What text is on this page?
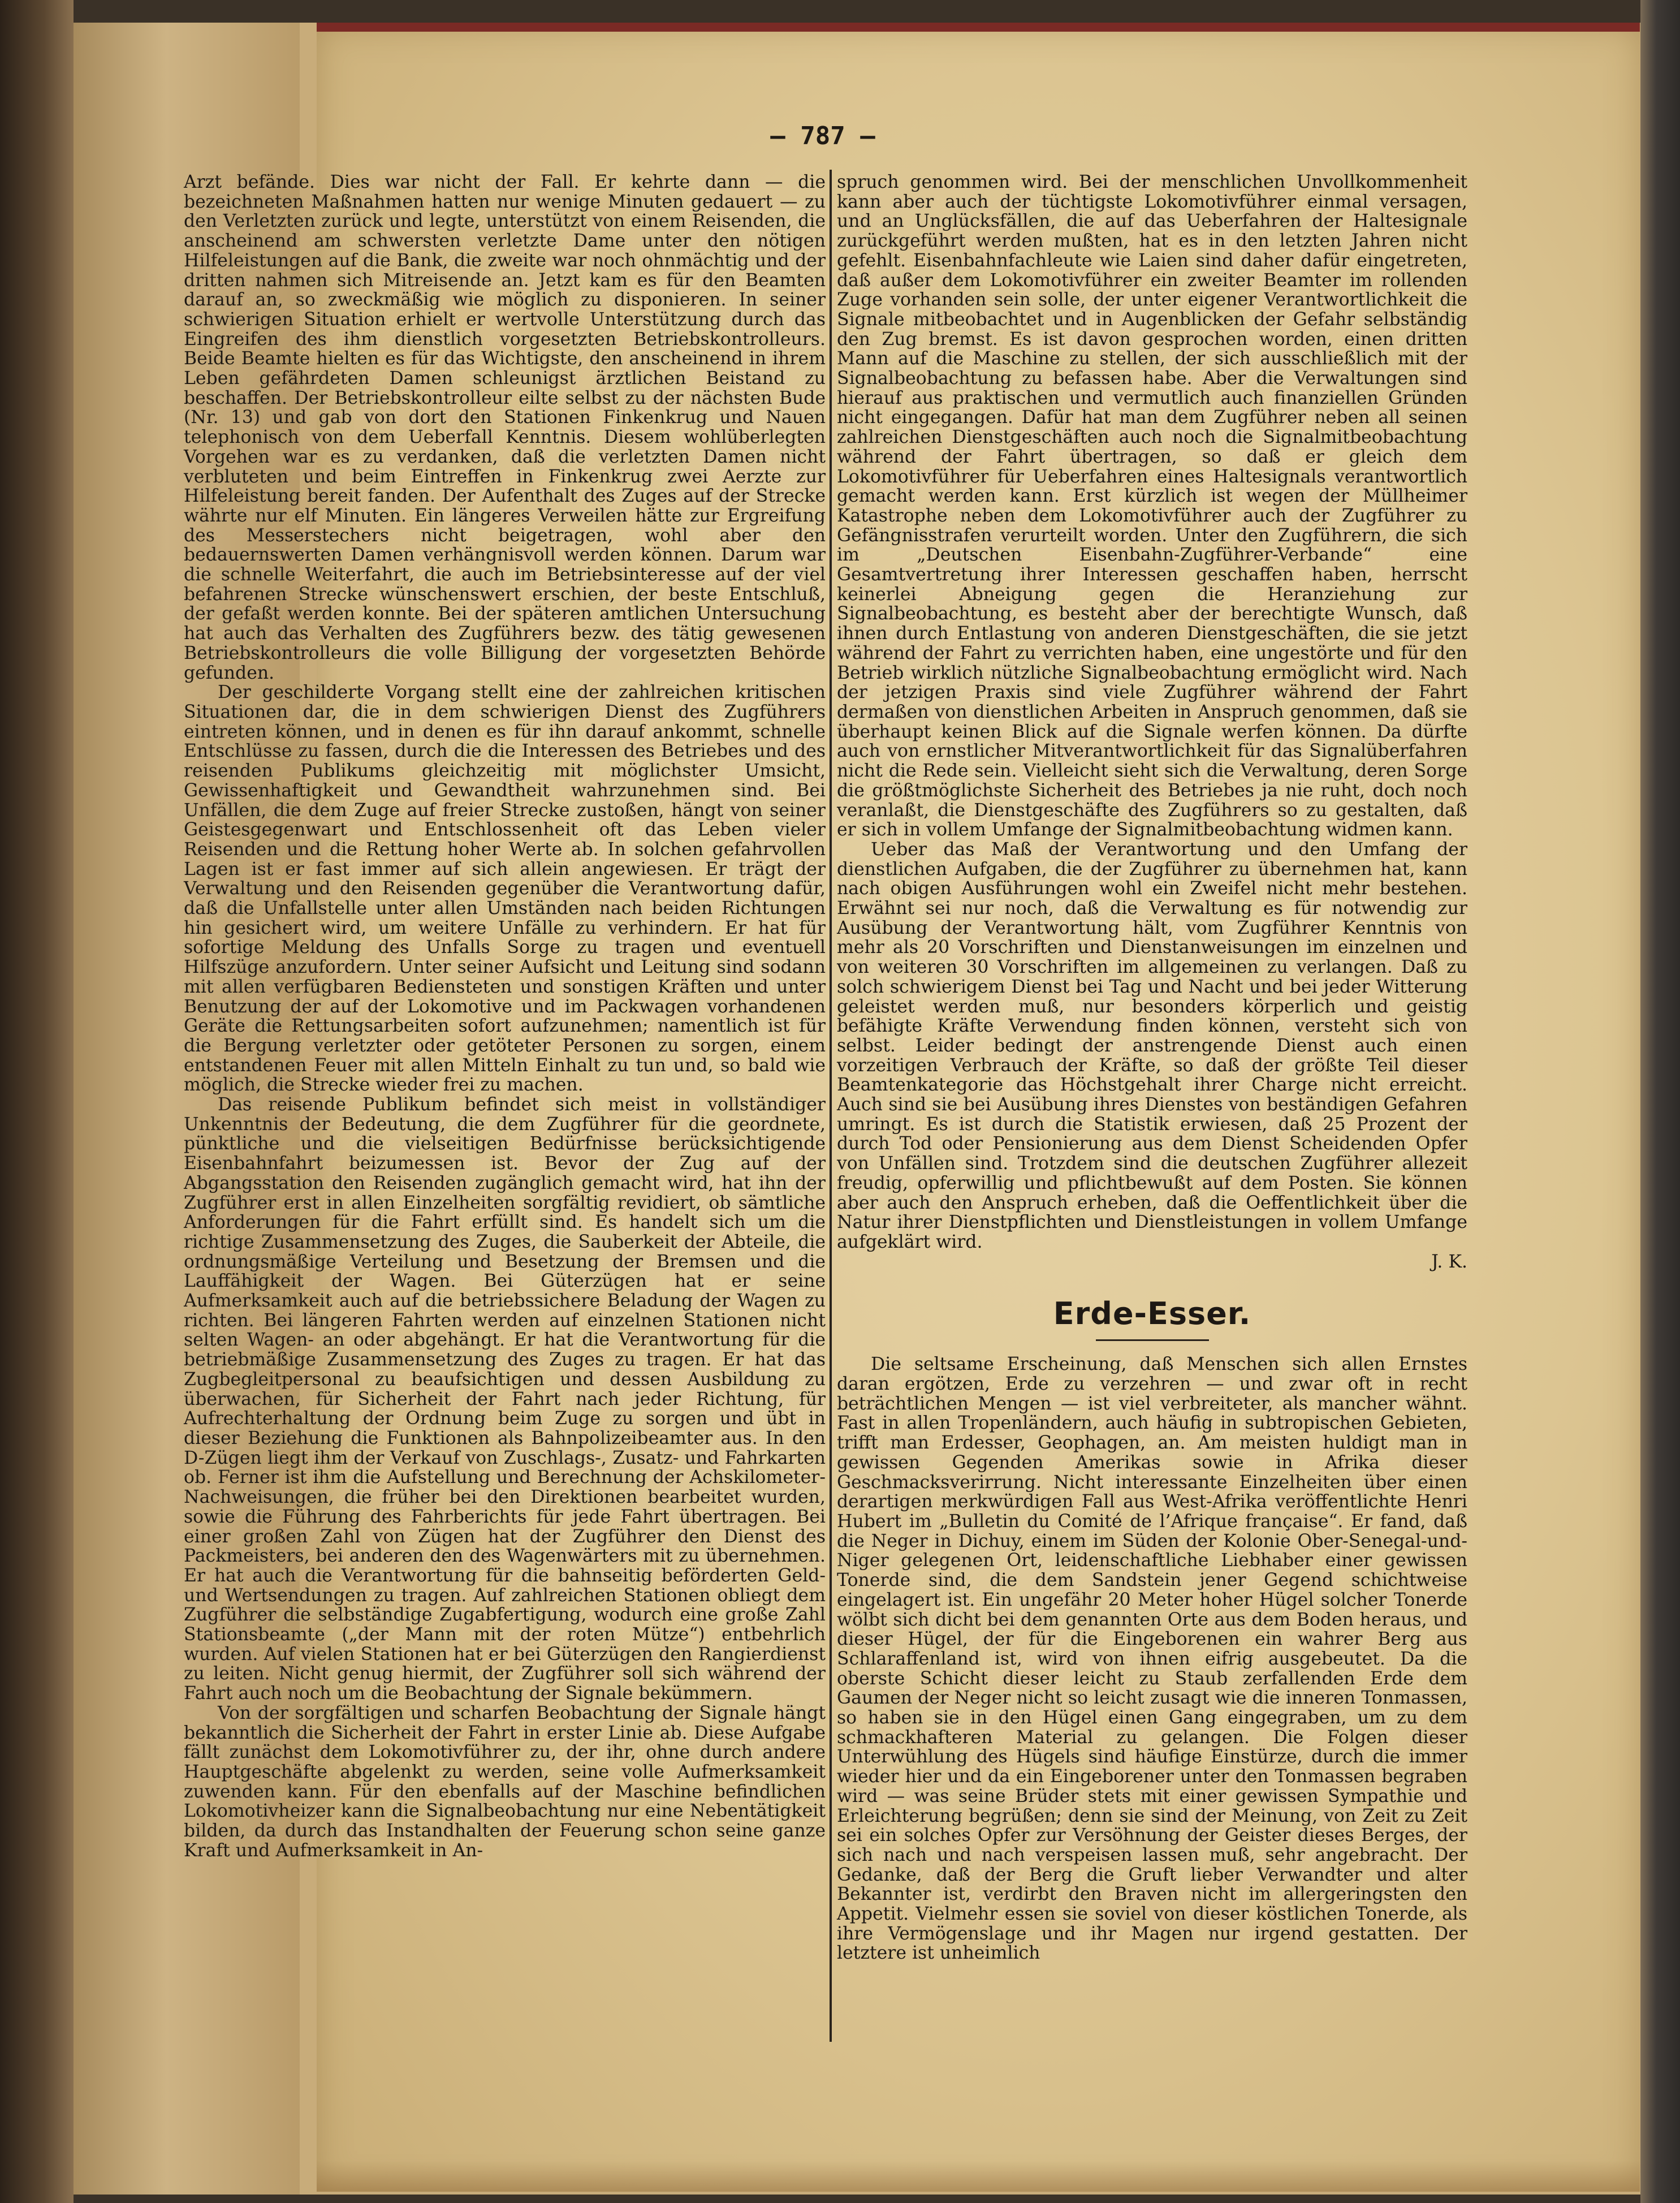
— 787 —

Arzt befände. Dies war nicht der Fall. Er kehrte dann — die bezeichneten Maßnahmen hatten nur wenige Minuten gedauert — zu den Verletzten zurück und legte, unterstützt von einem Reisenden, die anscheinend am schwersten verletzte Dame unter den nötigen Hilfeleistungen auf die Bank, die zweite war noch ohnmächtig und der dritten nahmen sich Mitreisende an. Jetzt kam es für den Beamten darauf an, so zweckmäßig wie möglich zu disponieren. In seiner schwierigen Situation erhielt er wertvolle Unterstützung durch das Eingreifen des ihm dienstlich vorgesetzten Betriebskontrolleurs. Beide Beamte hielten es für das Wichtigste, den anscheinend in ihrem Leben gefährdeten Damen schleunigst ärztlichen Beistand zu beschaffen. Der Betriebskontrolleur eilte selbst zu der nächsten Bude (Nr. 13) und gab von dort den Stationen Finkenkrug und Nauen telephonisch von dem Ueberfall Kenntnis. Diesem wohlüberlegten Vorgehen war es zu verdanken, daß die verletzten Damen nicht verbluteten und beim Eintreffen in Finkenkrug zwei Aerzte zur Hilfeleistung bereit fanden. Der Aufenthalt des Zuges auf der Strecke währte nur elf Minuten. Ein längeres Verweilen hätte zur Ergreifung des Messerstechers nicht beigetragen, wohl aber den bedauernswerten Damen verhängnisvoll werden können. Darum war die schnelle Weiterfahrt, die auch im Betriebsinteresse auf der viel befahrenen Strecke wünschenswert erschien, der beste Entschluß, der gefaßt werden konnte. Bei der späteren amtlichen Untersuchung hat auch das Verhalten des Zugführers bezw. des tätig gewesenen Betriebskontrolleurs die volle Billigung der vorgesetzten Behörde gefunden.

Der geschilderte Vorgang stellt eine der zahlreichen kritischen Situationen dar, die in dem schwierigen Dienst des Zugführers eintreten können, und in denen es für ihn darauf ankommt, schnelle Entschlüsse zu fassen, durch die die Interessen des Betriebes und des reisenden Publikums gleichzeitig mit möglichster Umsicht, Gewissenhaftigkeit und Gewandtheit wahrzunehmen sind. Bei Unfällen, die dem Zuge auf freier Strecke zustoßen, hängt von seiner Geistesgegenwart und Entschlossenheit oft das Leben vieler Reisenden und die Rettung hoher Werte ab. In solchen gefahrvollen Lagen ist er fast immer auf sich allein angewiesen. Er trägt der Verwaltung und den Reisenden gegenüber die Verantwortung dafür, daß die Unfallstelle unter allen Umständen nach beiden Richtungen hin gesichert wird, um weitere Unfälle zu verhindern. Er hat für sofortige Meldung des Unfalls Sorge zu tragen und eventuell Hilfszüge anzufordern. Unter seiner Aufsicht und Leitung sind sodann mit allen verfügbaren Bediensteten und sonstigen Kräften und unter Benutzung der auf der Lokomotive und im Packwagen vorhandenen Geräte die Rettungsarbeiten sofort aufzunehmen; namentlich ist für die Bergung verletzter oder getöteter Personen zu sorgen, einem entstandenen Feuer mit allen Mitteln Einhalt zu tun und, so bald wie möglich, die Strecke wieder frei zu machen.

Das reisende Publikum befindet sich meist in vollständiger Unkenntnis der Bedeutung, die dem Zugführer für die geordnete, pünktliche und die vielseitigen Bedürfnisse berücksichtigende Eisenbahnfahrt beizumessen ist. Bevor der Zug auf der Abgangsstation den Reisenden zugänglich gemacht wird, hat ihn der Zugführer erst in allen Einzelheiten sorgfältig revidiert, ob sämtliche Anforderungen für die Fahrt erfüllt sind. Es handelt sich um die richtige Zusammensetzung des Zuges, die Sauberkeit der Abteile, die ordnungsmäßige Verteilung und Besetzung der Bremsen und die Lauffähigkeit der Wagen. Bei Güterzügen hat er seine Aufmerksamkeit auch auf die betriebssichere Beladung der Wagen zu richten. Bei längeren Fahrten werden auf einzelnen Stationen nicht selten Wagen- an oder abgehängt. Er hat die Verantwortung für die betriebmäßige Zusammensetzung des Zuges zu tragen. Er hat das Zugbegleitpersonal zu beaufsichtigen und dessen Ausbildung zu überwachen, für Sicherheit der Fahrt nach jeder Richtung, für Aufrechterhaltung der Ordnung beim Zuge zu sorgen und übt in dieser Beziehung die Funktionen als Bahnpolizeibeamter aus. In den D-Zügen liegt ihm der Verkauf von Zuschlags-, Zusatz- und Fahrkarten ob. Ferner ist ihm die Aufstellung und Berechnung der Achskilometer-Nachweisungen, die früher bei den Direktionen bearbeitet wurden, sowie die Führung des Fahrberichts für jede Fahrt übertragen. Bei einer großen Zahl von Zügen hat der Zugführer den Dienst des Packmeisters, bei anderen den des Wagenwärters mit zu übernehmen. Er hat auch die Verantwortung für die bahnseitig beförderten Geld- und Wertsendungen zu tragen. Auf zahlreichen Stationen obliegt dem Zugführer die selbständige Zugabfertigung, wodurch eine große Zahl Stationsbeamte („der Mann mit der roten Mütze“) entbehrlich wurden. Auf vielen Stationen hat er bei Güterzügen den Rangierdienst zu leiten. Nicht genug hiermit, der Zugführer soll sich während der Fahrt auch noch um die Beobachtung der Signale bekümmern.

Von der sorgfältigen und scharfen Beobachtung der Signale hängt bekanntlich die Sicherheit der Fahrt in erster Linie ab. Diese Aufgabe fällt zunächst dem Lokomotivführer zu, der ihr, ohne durch andere Hauptgeschäfte abgelenkt zu werden, seine volle Aufmerksamkeit zuwenden kann. Für den ebenfalls auf der Maschine befindlichen Lokomotivheizer kann die Signalbeobachtung nur eine Nebentätigkeit bilden, da durch das Instandhalten der Feuerung schon seine ganze Kraft und Aufmerksamkeit in An-

spruch genommen wird. Bei der menschlichen Unvollkommenheit kann aber auch der tüchtigste Lokomotivführer einmal versagen, und an Unglücksfällen, die auf das Ueberfahren der Haltesignale zurückgeführt werden mußten, hat es in den letzten Jahren nicht gefehlt. Eisenbahnfachleute wie Laien sind daher dafür eingetreten, daß außer dem Lokomotivführer ein zweiter Beamter im rollenden Zuge vorhanden sein solle, der unter eigener Verantwortlichkeit die Signale mitbeobachtet und in Augenblicken der Gefahr selbständig den Zug bremst. Es ist davon gesprochen worden, einen dritten Mann auf die Maschine zu stellen, der sich ausschließlich mit der Signalbeobachtung zu befassen habe. Aber die Verwaltungen sind hierauf aus praktischen und vermutlich auch finanziellen Gründen nicht eingegangen. Dafür hat man dem Zugführer neben all seinen zahlreichen Dienstgeschäften auch noch die Signalmitbeobachtung während der Fahrt übertragen, so daß er gleich dem Lokomotivführer für Ueberfahren eines Haltesignals verantwortlich gemacht werden kann. Erst kürzlich ist wegen der Müllheimer Katastrophe neben dem Lokomotivführer auch der Zugführer zu Gefängnisstrafen verurteilt worden. Unter den Zugführern, die sich im „Deutschen Eisenbahn-Zugführer-Verbande“ eine Gesamtvertretung ihrer Interessen geschaffen haben, herrscht keinerlei Abneigung gegen die Heranziehung zur Signalbeobachtung, es besteht aber der berechtigte Wunsch, daß ihnen durch Entlastung von anderen Dienstgeschäften, die sie jetzt während der Fahrt zu verrichten haben, eine ungestörte und für den Betrieb wirklich nützliche Signalbeobachtung ermöglicht wird. Nach der jetzigen Praxis sind viele Zugführer während der Fahrt dermaßen von dienstlichen Arbeiten in Anspruch genommen, daß sie überhaupt keinen Blick auf die Signale werfen können. Da dürfte auch von ernstlicher Mitverantwortlichkeit für das Signalüberfahren nicht die Rede sein. Vielleicht sieht sich die Verwaltung, deren Sorge die größtmöglichste Sicherheit des Betriebes ja nie ruht, doch noch veranlaßt, die Dienstgeschäfte des Zugführers so zu gestalten, daß er sich in vollem Umfange der Signalmitbeobachtung widmen kann.

Ueber das Maß der Verantwortung und den Umfang der dienstlichen Aufgaben, die der Zugführer zu übernehmen hat, kann nach obigen Ausführungen wohl ein Zweifel nicht mehr bestehen. Erwähnt sei nur noch, daß die Verwaltung es für notwendig zur Ausübung der Verantwortung hält, vom Zugführer Kenntnis von mehr als 20 Vorschriften und Dienstanweisungen im einzelnen und von weiteren 30 Vorschriften im allgemeinen zu verlangen. Daß zu solch schwierigem Dienst bei Tag und Nacht und bei jeder Witterung geleistet werden muß, nur besonders körperlich und geistig befähigte Kräfte Verwendung finden können, versteht sich von selbst. Leider bedingt der anstrengende Dienst auch einen vorzeitigen Verbrauch der Kräfte, so daß der größte Teil dieser Beamtenkategorie das Höchstgehalt ihrer Charge nicht erreicht. Auch sind sie bei Ausübung ihres Dienstes von beständigen Gefahren umringt. Es ist durch die Statistik erwiesen, daß 25 Prozent der durch Tod oder Pensionierung aus dem Dienst Scheidenden Opfer von Unfällen sind. Trotzdem sind die deutschen Zugführer allezeit freudig, opferwillig und pflichtbewußt auf dem Posten. Sie können aber auch den Anspruch erheben, daß die Oeffentlichkeit über die Natur ihrer Dienstpflichten und Dienstleistungen in vollem Umfange aufgeklärt wird.

J. K.

Erde-Esser.

Die seltsame Erscheinung, daß Menschen sich allen Ernstes daran ergötzen, Erde zu verzehren — und zwar oft in recht beträchtlichen Mengen — ist viel verbreiteter, als mancher wähnt. Fast in allen Tropenländern, auch häufig in subtropischen Gebieten, trifft man Erdesser, Geophagen, an. Am meisten huldigt man in gewissen Gegenden Amerikas sowie in Afrika dieser Geschmacksverirrung. Nicht interessante Einzelheiten über einen derartigen merkwürdigen Fall aus West-Afrika veröffentlichte Henri Hubert im „Bulletin du Comité de l’Afrique française“. Er fand, daß die Neger in Dichuy, einem im Süden der Kolonie Ober-Senegal-und-Niger gelegenen Ort, leidenschaftliche Liebhaber einer gewissen Tonerde sind, die dem Sandstein jener Gegend schichtweise eingelagert ist. Ein ungefähr 20 Meter hoher Hügel solcher Tonerde wölbt sich dicht bei dem genannten Orte aus dem Boden heraus, und dieser Hügel, der für die Eingeborenen ein wahrer Berg aus Schlaraffenland ist, wird von ihnen eifrig ausgebeutet. Da die oberste Schicht dieser leicht zu Staub zerfallenden Erde dem Gaumen der Neger nicht so leicht zusagt wie die inneren Tonmassen, so haben sie in den Hügel einen Gang eingegraben, um zu dem schmackhafteren Material zu gelangen. Die Folgen dieser Unterwühlung des Hügels sind häufige Einstürze, durch die immer wieder hier und da ein Eingeborener unter den Tonmassen begraben wird — was seine Brüder stets mit einer gewissen Sympathie und Erleichterung begrüßen; denn sie sind der Meinung, von Zeit zu Zeit sei ein solches Opfer zur Versöhnung der Geister dieses Berges, der sich nach und nach verspeisen lassen muß, sehr angebracht. Der Gedanke, daß der Berg die Gruft lieber Verwandter und alter Bekannter ist, verdirbt den Braven nicht im allergeringsten den Appetit. Vielmehr essen sie soviel von dieser köstlichen Tonerde, als ihre Vermögenslage und ihr Magen nur irgend gestatten. Der letztere ist unheimlich
